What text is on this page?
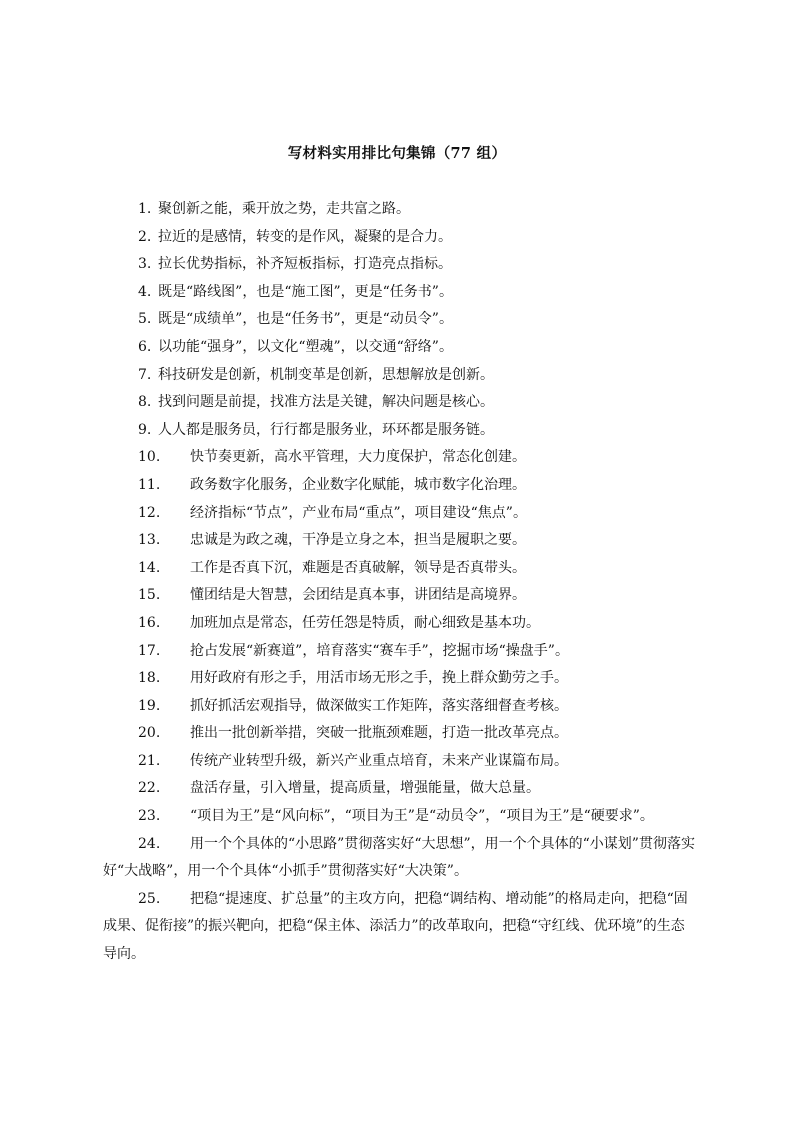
写材料实用排比句集锦（77 组）
1. 聚创新之能，乘开放之势，走共富之路。
2. 拉近的是感情，转变的是作风，凝聚的是合力。
3. 拉长优势指标，补齐短板指标，打造亮点指标。
4. 既是“路线图”，也是“施工图”，更是“任务书”。
5. 既是“成绩单”，也是“任务书”，更是“动员令”。
6. 以功能“强身”，以文化“塑魂”，以交通“舒络”。
7. 科技研发是创新，机制变革是创新，思想解放是创新。
8. 找到问题是前提，找准方法是关键，解决问题是核心。
9. 人人都是服务员，行行都是服务业，环环都是服务链。
10. 快节奏更新，高水平管理，大力度保护，常态化创建。
11. 政务数字化服务，企业数字化赋能，城市数字化治理。
12. 经济指标“节点”，产业布局“重点”，项目建设“焦点”。
13. 忠诚是为政之魂，干净是立身之本，担当是履职之要。
14. 工作是否真下沉，难题是否真破解，领导是否真带头。
15. 懂团结是大智慧，会团结是真本事，讲团结是高境界。
16. 加班加点是常态，任劳任怨是特质，耐心细致是基本功。
17. 抢占发展“新赛道”，培育落实“赛车手”，挖掘市场“操盘手”。
18. 用好政府有形之手，用活市场无形之手，挽上群众勤劳之手。
19. 抓好抓活宏观指导，做深做实工作矩阵，落实落细督查考核。
20. 推出一批创新举措，突破一批瓶颈难题，打造一批改革亮点。
21. 传统产业转型升级，新兴产业重点培育，未来产业谋篇布局。
22. 盘活存量，引入增量，提高质量，增强能量，做大总量。
23. “项目为王”是“风向标”，“项目为王”是“动员令”，“项目为王”是“硬要求”。
24. 用一个个具体的“小思路”贯彻落实好“大思想”，用一个个具体的“小谋划”贯彻落实好“大战略”，用一个个具体“小抓手”贯彻落实好“大决策”。
25. 把稳“提速度、扩总量”的主攻方向，把稳“调结构、增动能”的格局走向，把稳“固成果、促衔接”的振兴靶向，把稳“保主体、添活力”的改革取向，把稳“守红线、优环境”的生态导向。
